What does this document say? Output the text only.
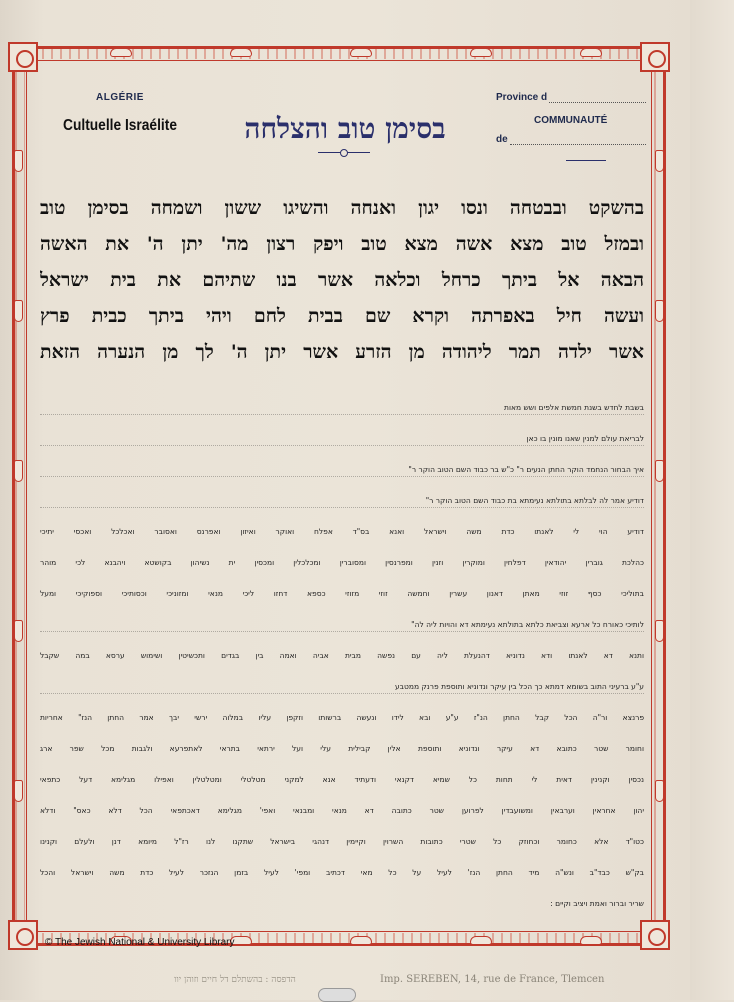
ALGÉRIE
Cultuelle Israélite	בסימן טוב והצלחה
Province d
COMMUNAUTÉ
de
בהשקט ובבטחה ונסו יגון ואנחה והשיגו ששון ושמחה בסימן טוב
ובמזל טוב מצא אשה מצא טוב ויפק רצון מה' יתן ה' את האשה
הבאה אל ביתך כרחל וכלאה אשר בנו שתיהם את בית ישראל
ועשה חיל באפרתה וקרא שם בבית לחם ויהי ביתך כבית פרץ
אשר ילדה תמר ליהודה מן הזרע אשר יתן ה' לך מן הנערה הזאת
בשבת לחדש בשנת חמשת אלפים ושש מאות
לבריאת עולם למנין שאנו מונין בו כאן
איך הבחור הנחמד הוקר החתן הנעים ר" כ"ש בר כבוד השם הטוב הוקר ר"
דודיע אמר לה לבלתא בתולתא נעימתא בת כבוד השם הטוב הוקר ר"
דודיע הוי לי לאנתו כדת משה וישראל ואנא בס"ד אפלח ואוקר ואיזון ואפרנס ואסובר ואכלכל ואכסי יתיכי
כהלכת גוברין יהודאין דפלחין ומוקרין וזנין ומפרנסין ומסוברין ומכלכלין ומכסין ית נשיהון בקושטא ויהבנא לכי מוהר
בתוליכי כסף זוזי מאתן דאנון עשרין וחמשה זוזי מזוזי כספא דחזו ליכי מנאי ומזוניכי וכסותיכי וספוקיכי ומעל
לותיכי כאורח כל ארעא וצביאת כלתא בתולתא נעימתא דא והויות ליה לה"
ותנא דא לאנתו ודא נדוניא דהנעלת ליה עם נפשה מבית אביה ואמה בין בגדים ותכשיטין ושימוש ערסא במה שקבל
ע"ע ברעיני התוב בשומא דמתא כך הכל בין עיקר ונדוניא ותוספת פרנק ממטבע
פרנצא ור"ה הכל קבל החתן הנ"ז ע"ע ובא לידו ונעשה ברשותו וזקפן עליו במלוה ירשי יבך אמר החתן הנז" אחריות
וחומר שטר כתובא דא עיקר ונדוניא ותוספת אלין קבילית עלי ועל ירתאי בתראי לאתפרעא ולגבות מכל שפר ארג
נכסין וקנינין דאית לי תחות כל שמיא דקנאי ודעתיד אנא למקני מטלטלי ומטלטלין ואפילו מגלימא דעל כתפאי
יהון אחראין וערבאין ומשועבדין לפרוען שטר כתובה דא מנאי ומבנאי ואפי' מגלימא דאכתפאי הכל דלא כאס" ודלא
כטו"ד אלא כחומר וכחוזק כל שטרי כתובות השרוין וקיימין דנהגי בישראל שתקנו לנו רז"ל מיומא דנן ולעלם וקנינו
בק"ש כבד"ב ונש"ה מיד החתן הנז' לעיל על כל מאי דכתיב ומפי' לעיל בזמן הנזכר לעיל כדת משה וישראל והכל
שריר וברור ואמת ויציב וקיים :
© The Jewish National & University Library
הדפסה : בהשתלם דל חיים וזוהן יוו	Imp. SEREBEN, 14, rue de France, Tlemcen
